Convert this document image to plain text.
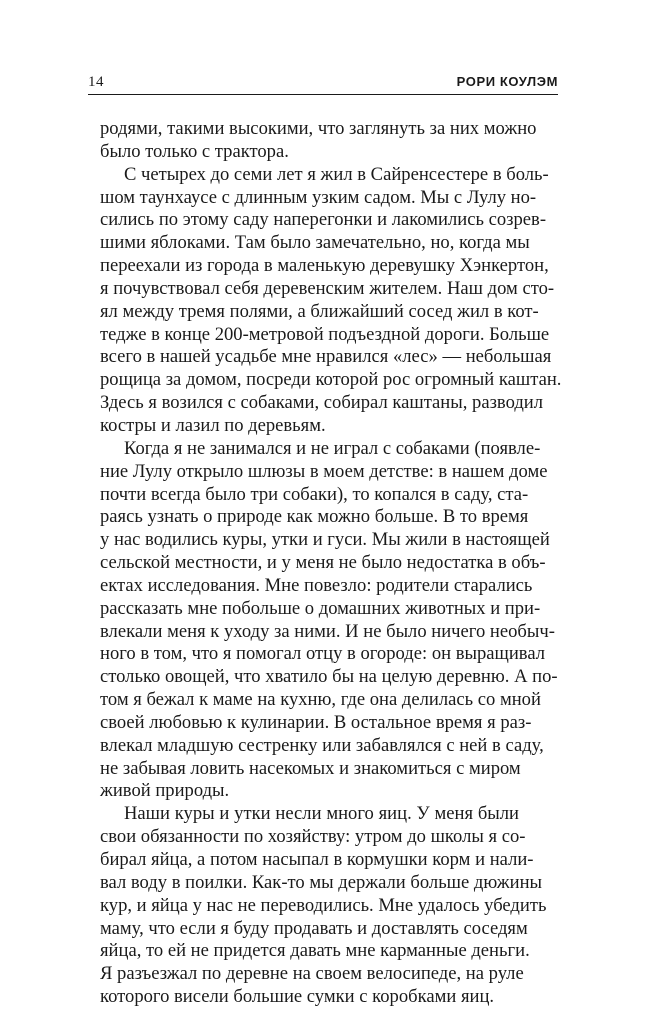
14	РОРИ КОУЛЭМ
родями, такими высокими, что заглянуть за них можно
было только с трактора.
С четырех до семи лет я жил в Сайренсестере в боль-
шом таунхаусе с длинным узким садом. Мы с Лулу но-
сились по этому саду наперегонки и лакомились созрев-
шими яблоками. Там было замечательно, но, когда мы
переехали из города в маленькую деревушку Хэнкертон,
я почувствовал себя деревенским жителем. Наш дом сто-
ял между тремя полями, а ближайший сосед жил в кот-
тедже в конце 200-метровой подъездной дороги. Больше
всего в нашей усадьбе мне нравился «лес» — небольшая
рощица за домом, посреди которой рос огромный каштан.
Здесь я возился с собаками, собирал каштаны, разводил
костры и лазил по деревьям.
Когда я не занимался и не играл с собаками (появле-
ние Лулу открыло шлюзы в моем детстве: в нашем доме
почти всегда было три собаки), то копался в саду, ста-
раясь узнать о природе как можно больше. В то время
у нас водились куры, утки и гуси. Мы жили в настоящей
сельской местности, и у меня не было недостатка в объ-
ектах исследования. Мне повезло: родители старались
рассказать мне побольше о домашних животных и при-
влекали меня к уходу за ними. И не было ничего необыч-
ного в том, что я помогал отцу в огороде: он выращивал
столько овощей, что хватило бы на целую деревню. А по-
том я бежал к маме на кухню, где она делилась со мной
своей любовью к кулинарии. В остальное время я раз-
влекал младшую сестренку или забавлялся с ней в саду,
не забывая ловить насекомых и знакомиться с миром
живой природы.
Наши куры и утки несли много яиц. У меня были
свои обязанности по хозяйству: утром до школы я со-
бирал яйца, а потом насыпал в кормушки корм и нали-
вал воду в поилки. Как-то мы держали больше дюжины
кур, и яйца у нас не переводились. Мне удалось убедить
маму, что если я буду продавать и доставлять соседям
яйца, то ей не придется давать мне карманные деньги.
Я разъезжал по деревне на своем велосипеде, на руле
которого висели большие сумки с коробками яиц.
